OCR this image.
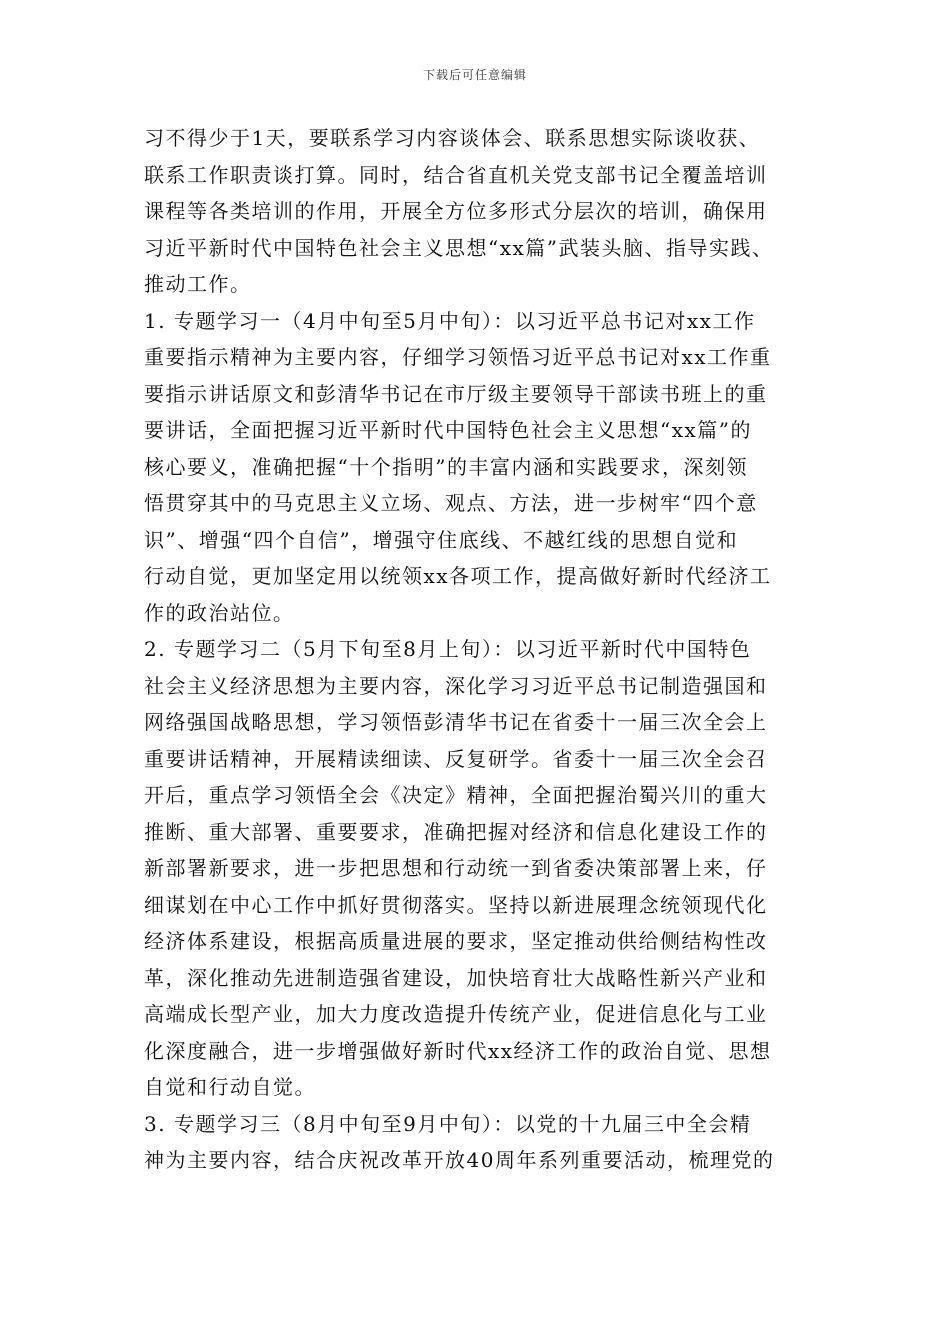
下载后可任意编辑
习不得少于1天，要联系学习内容谈体会、联系思想实际谈收获、
联系工作职责谈打算。同时，结合省直机关党支部书记全覆盖培训
课程等各类培训的作用，开展全方位多形式分层次的培训，确保用
习近平新时代中国特色社会主义思想“xx篇”武装头脑、指导实践、
推动工作。
1. 专题学习一（4月中旬至5月中旬）：以习近平总书记对xx工作
重要指示精神为主要内容，仔细学习领悟习近平总书记对xx工作重
要指示讲话原文和彭清华书记在市厅级主要领导干部读书班上的重
要讲话，全面把握习近平新时代中国特色社会主义思想“xx篇”的
核心要义，准确把握“十个指明”的丰富内涵和实践要求，深刻领
悟贯穿其中的马克思主义立场、观点、方法，进一步树牢“四个意
识”、增强“四个自信”，增强守住底线、不越红线的思想自觉和
行动自觉，更加坚定用以统领xx各项工作，提高做好新时代经济工
作的政治站位。
2. 专题学习二（5月下旬至8月上旬）：以习近平新时代中国特色
社会主义经济思想为主要内容，深化学习习近平总书记制造强国和
网络强国战略思想，学习领悟彭清华书记在省委十一届三次全会上
重要讲话精神，开展精读细读、反复研学。省委十一届三次全会召
开后，重点学习领悟全会《决定》精神，全面把握治蜀兴川的重大
推断、重大部署、重要要求，准确把握对经济和信息化建设工作的
新部署新要求，进一步把思想和行动统一到省委决策部署上来，仔
细谋划在中心工作中抓好贯彻落实。坚持以新进展理念统领现代化
经济体系建设，根据高质量进展的要求，坚定推动供给侧结构性改
革，深化推动先进制造强省建设，加快培育壮大战略性新兴产业和
高端成长型产业，加大力度改造提升传统产业，促进信息化与工业
化深度融合，进一步增强做好新时代xx经济工作的政治自觉、思想
自觉和行动自觉。
3. 专题学习三（8月中旬至9月中旬）：以党的十九届三中全会精
神为主要内容，结合庆祝改革开放40周年系列重要活动，梳理党的
